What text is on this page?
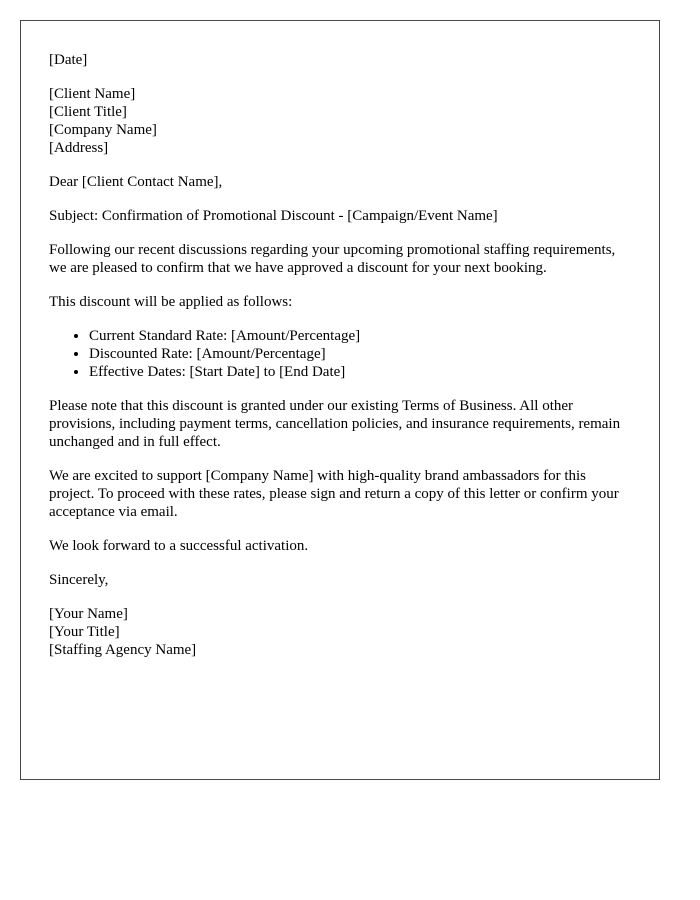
[Date]

[Client Name]
[Client Title]
[Company Name]
[Address]

Dear [Client Contact Name],

Subject: Confirmation of Promotional Discount - [Campaign/Event Name]

Following our recent discussions regarding your upcoming promotional staffing requirements, we are pleased to confirm that we have approved a discount for your next booking.

This discount will be applied as follows:

• Current Standard Rate: [Amount/Percentage]
• Discounted Rate: [Amount/Percentage]
• Effective Dates: [Start Date] to [End Date]

Please note that this discount is granted under our existing Terms of Business. All other provisions, including payment terms, cancellation policies, and insurance requirements, remain unchanged and in full effect.

We are excited to support [Company Name] with high-quality brand ambassadors for this project. To proceed with these rates, please sign and return a copy of this letter or confirm your acceptance via email.

We look forward to a successful activation.

Sincerely,

[Your Name]
[Your Title]
[Staffing Agency Name]
